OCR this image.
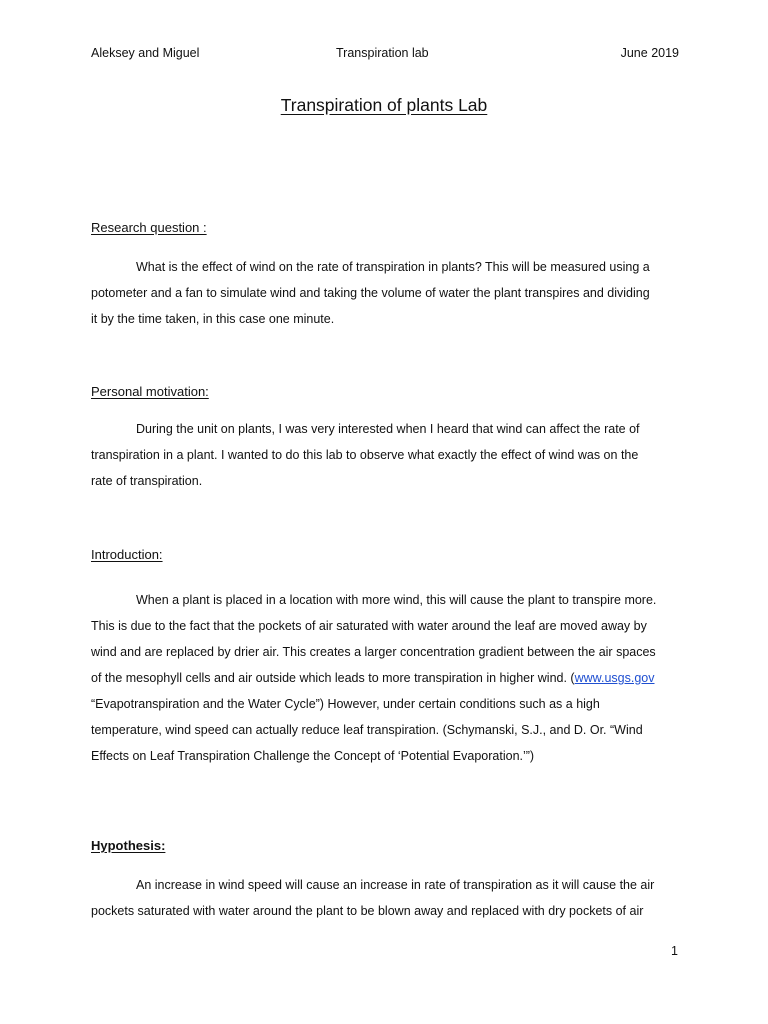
Aleksey and Miguel	Transpiration lab	June 2019
Transpiration of plants Lab
Research question :
What is the effect of wind on the rate of transpiration in plants? This will be measured using a
potometer and a fan to simulate wind and taking the volume of water the plant transpires and dividing
it by the time taken, in this case one minute.
Personal motivation:
During the unit on plants, I was very interested when I heard that wind can affect the rate of
transpiration in a plant. I wanted to do this lab to observe what exactly the effect of wind was on the
rate of transpiration.
Introduction:
When a plant is placed in a location with more wind, this will cause the plant to transpire more.
This is due to the fact that the pockets of air saturated with water around the leaf are moved away by
wind and are replaced by drier air. This creates a larger concentration gradient between the air spaces
of the mesophyll cells and air outside which leads to more transpiration in higher wind. (www.usgs.gov
“Evapotranspiration and the Water Cycle”) However, under certain conditions such as a high
temperature, wind speed can actually reduce leaf transpiration. (Schymanski, S.J., and D. Or. “Wind
Effects on Leaf Transpiration Challenge the Concept of ‘Potential Evaporation.’”)
Hypothesis:
An increase in wind speed will cause an increase in rate of transpiration as it will cause the air
pockets saturated with water around the plant to be blown away and replaced with dry pockets of air
1
